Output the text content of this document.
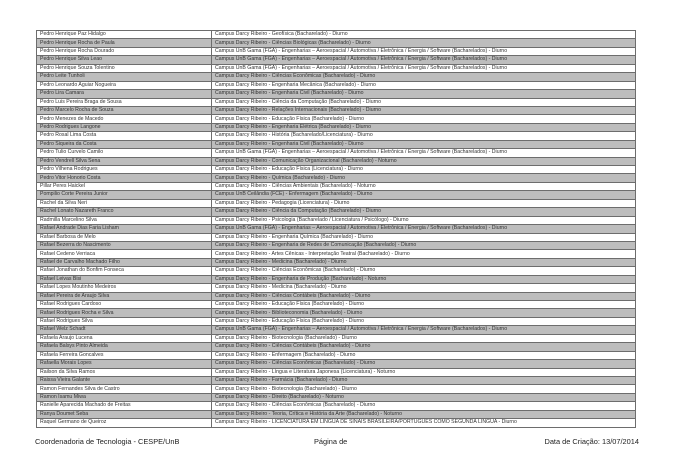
Pedro Henrique Paz Hidalgo	Campus Darcy Ribeiro - Geofísica (Bacharelado) - Diurno
Pedro Henrique Rocha de Paula	Campus Darcy Ribeiro - Ciências Biológicas (Bacharelado) - Diurno
Pedro Henrique Rocha Dourado	Campus UnB Gama (FGA) - Engenharias – Aeroespacial / Automotiva / Eletrônica / Energia / Software (Bacharelados) - Diurno
Pedro Henrique Silva Leao	Campus UnB Gama (FGA) - Engenharias – Aeroespacial / Automotiva / Eletrônica / Energia / Software (Bacharelados) - Diurno
Pedro Henrique Souza Tolentino	Campus UnB Gama (FGA) - Engenharias – Aeroespacial / Automotiva / Eletrônica / Energia / Software (Bacharelados) - Diurno
Pedro Leite Tunholi	Campus Darcy Ribeiro - Ciências Econômicas (Bacharelado) - Diurno
Pedro Leonardo Aguiar Nogueira	Campus Darcy Ribeiro - Engenharia Mecânica (Bacharelado) - Diurno
Pedro Lira Camara	Campus Darcy Ribeiro - Engenharia Civil (Bacharelado) - Diurno
Pedro Luis Pereira Braga de Sousa	Campus Darcy Ribeiro - Ciência da Computação (Bacharelado) - Diurno
Pedro Marcelo Rocha de Souza	Campus Darcy Ribeiro - Relações Internacionais (Bacharelado) - Diurno
Pedro Menezes de Macedo	Campus Darcy Ribeiro - Educação Física (Bacharelado) - Diurno
Pedro Rodrigues Langone	Campus Darcy Ribeiro - Engenharia Elétrica (Bacharelado) - Diurno
Pedro Rosal Lima Costa	Campus Darcy Ribeiro - História (Bacharelado/Licenciatura) - Diurno
Pedro Siqueira da Costa	Campus Darcy Ribeiro - Engenharia Civil (Bacharelado) - Diurno
Pedro Tulio Curvelo Camilo	Campus UnB Gama (FGA) - Engenharias – Aeroespacial / Automotiva / Eletrônica / Energia / Software (Bacharelados) - Diurno
Pedro Vendrell Silva Sena	Campus Darcy Ribeiro - Comunicação Organizacional (Bacharelado) - Noturno
Pedro Vilhena Rodrigues	Campus Darcy Ribeiro - Educação Física (Licenciatura) - Diurno
Pedro Vitor Honorio Costa	Campus Darcy Ribeiro - Química (Bacharelado) - Diurno
Pillar Peres Haickel	Campus Darcy Ribeiro - Ciências Ambientais (Bacharelado) - Noturno
Pompilio Corte Pereira Junior	Campus UnB Ceilândia (FCE) - Enfermagem (Bacharelado) - Diurno
Rachel da Silva Neri	Campus Darcy Ribeiro - Pedagogia (Licenciatura) - Diurno
Rachel Lonato Nazareth Franco	Campus Darcy Ribeiro - Ciência da Computação (Bacharelado) - Diurno
Radmilla Marcelino Silva	Campus Darcy Ribeiro - Psicologia (Bacharelado / Licenciatura / Psicólogo) - Diurno
Rafael Andrade Dias Faria Lisham	Campus UnB Gama (FGA) - Engenharias – Aeroespacial / Automotiva / Eletrônica / Energia / Software (Bacharelados) - Diurno
Rafael Barbosa de Melo	Campus Darcy Ribeiro - Engenharia Química (Bacharelado) - Diurno
Rafael Bezerra do Nascimento	Campus Darcy Ribeiro - Engenharia de Redes de Comunicação (Bacharelado) - Diurno
Rafael Cedeno Verriaca	Campus Darcy Ribeiro - Artes Cênicas - Interpretação Teatral (Bacharelado) - Diurno
Rafael de Carvalho Machado Filho	Campus Darcy Ribeiro - Medicina (Bacharelado) - Diurno
Rafael Jonathan do Bonfim Fonseca	Campus Darcy Ribeiro - Ciências Econômicas (Bacharelado) - Diurno
Rafael Leivas Bisi	Campus Darcy Ribeiro - Engenharia de Produção (Bacharelado) - Noturno
Rafael Lopes Moutinho Medeiros	Campus Darcy Ribeiro - Medicina (Bacharelado) - Diurno
Rafael Pereira de Araujo Silva	Campus Darcy Ribeiro - Ciências Contábeis (Bacharelado) - Diurno
Rafael Rodrigues Cardoso	Campus Darcy Ribeiro - Educação Física (Bacharelado) - Diurno
Rafael Rodrigues Rocha e Silva	Campus Darcy Ribeiro - Biblioteconomia (Bacharelado) - Diurno
Rafael Rodrigues Silva	Campus Darcy Ribeiro - Educação Física (Bacharelado) - Diurno
Rafael Welz Schadt	Campus UnB Gama (FGA) - Engenharias – Aeroespacial / Automotiva / Eletrônica / Energia / Software (Bacharelados) - Diurno
Rafaela Araujo Lucena	Campus Darcy Ribeiro - Biotecnologia (Bacharelado) - Diurno
Rafaela Balsys Pinto Almeida	Campus Darcy Ribeiro - Ciências Contábeis (Bacharelado) - Diurno
Rafaela Ferreira Goncalves	Campus Darcy Ribeiro - Enfermagem (Bacharelado) - Diurno
Rafaella Morais Lopes	Campus Darcy Ribeiro - Ciências Econômicas (Bacharelado) - Diurno
Railson da Silva Ramos	Campus Darcy Ribeiro - Língua e Literatura Japonesa (Licenciatura) - Noturno
Raissa Vieira Galante	Campus Darcy Ribeiro - Farmácia (Bacharelado) - Diurno
Ramon Fernandes Silva de Castro	Campus Darcy Ribeiro - Biotecnologia (Bacharelado) - Diurno
Ramon Isamu Miwa	Campus Darcy Ribeiro - Direito (Bacharelado) - Noturno
Ranielle Aparecida Machado de Freitas	Campus Darcy Ribeiro - Ciências Econômicas (Bacharelado) - Diurno
Ranya Doumet Seba	Campus Darcy Ribeiro - Teoria, Crítica e História da Arte (Bacharelado) - Noturno
Raquel Germano de Queiroz	Campus Darcy Ribeiro - LICENCIATURA EM LÍNGUA DE SINAIS BRASILEIRA/PORTUGUÊS COMO SEGUNDA LÍNGUA - Diurno
Coordenadoria de Tecnologia - CESPE/UnB	Página de	Data de Criação: 13/07/2014
